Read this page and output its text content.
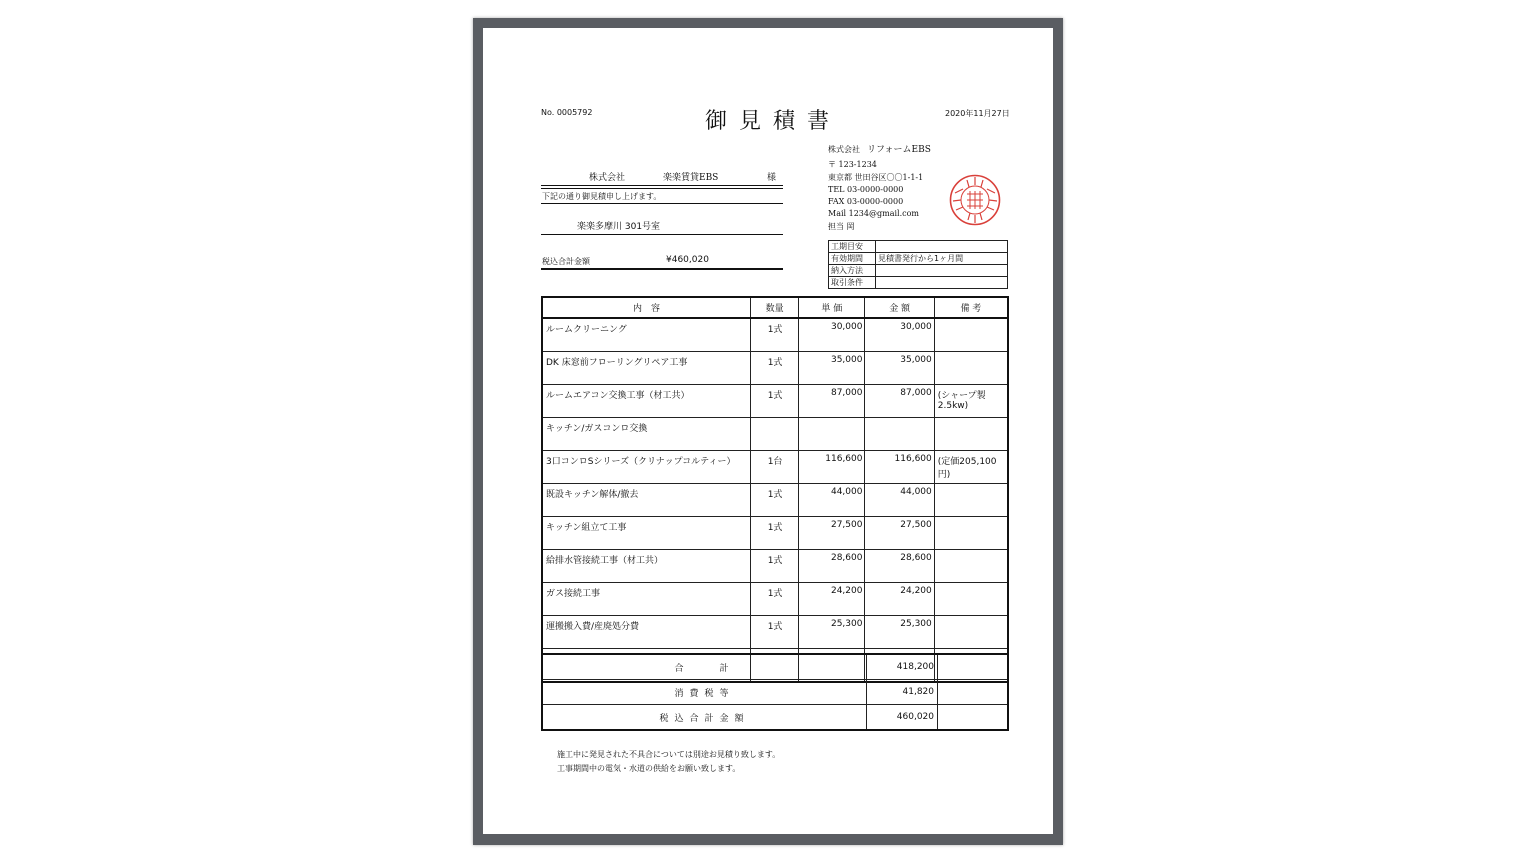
No. 0005792	御見積書	2020年11月27日
株式会社	楽楽賃貸EBS	様
下記の通り御見積申し上げます。
楽楽多摩川 301号室
税込合計金額	¥460,020
株式会社 リフォームEBS
〒 123-1234
東京都 世田谷区〇〇1-1-1
TEL 03-0000-0000
FAX 03-0000-0000
Mail 1234@gmail.com
担当 岡
工期目安	
有効期間	見積書発行から1ヶ月間
納入方法	
取引条件	
内　容	数量	単 価	金 額	備 考
ルームクリーニング	1式	30,000	30,000	
DK 床窓前フローリングリペア工事	1式	35,000	35,000	
ルームエアコン交換工事（材工共）	1式	87,000	87,000	(シャープ製 2.5kw)
キッチン/ガスコンロ交換				
3口コンロSシリーズ（クリナップコルティー）	1台	116,600	116,600	(定価205,100円)
既設キッチン解体/撤去	1式	44,000	44,000	
キッチン組立て工事	1式	27,500	27,500	
給排水管接続工事（材工共）	1式	28,600	28,600	
ガス接続工事	1式	24,200	24,200	
運搬搬入費/産廃処分費	1式	25,300	25,300	

合　　計	418,200	
消費税等	41,820	
税込合計金額	460,020	
施工中に発見された不具合については別途お見積り致します。
工事期間中の電気・水道の供給をお願い致します。
